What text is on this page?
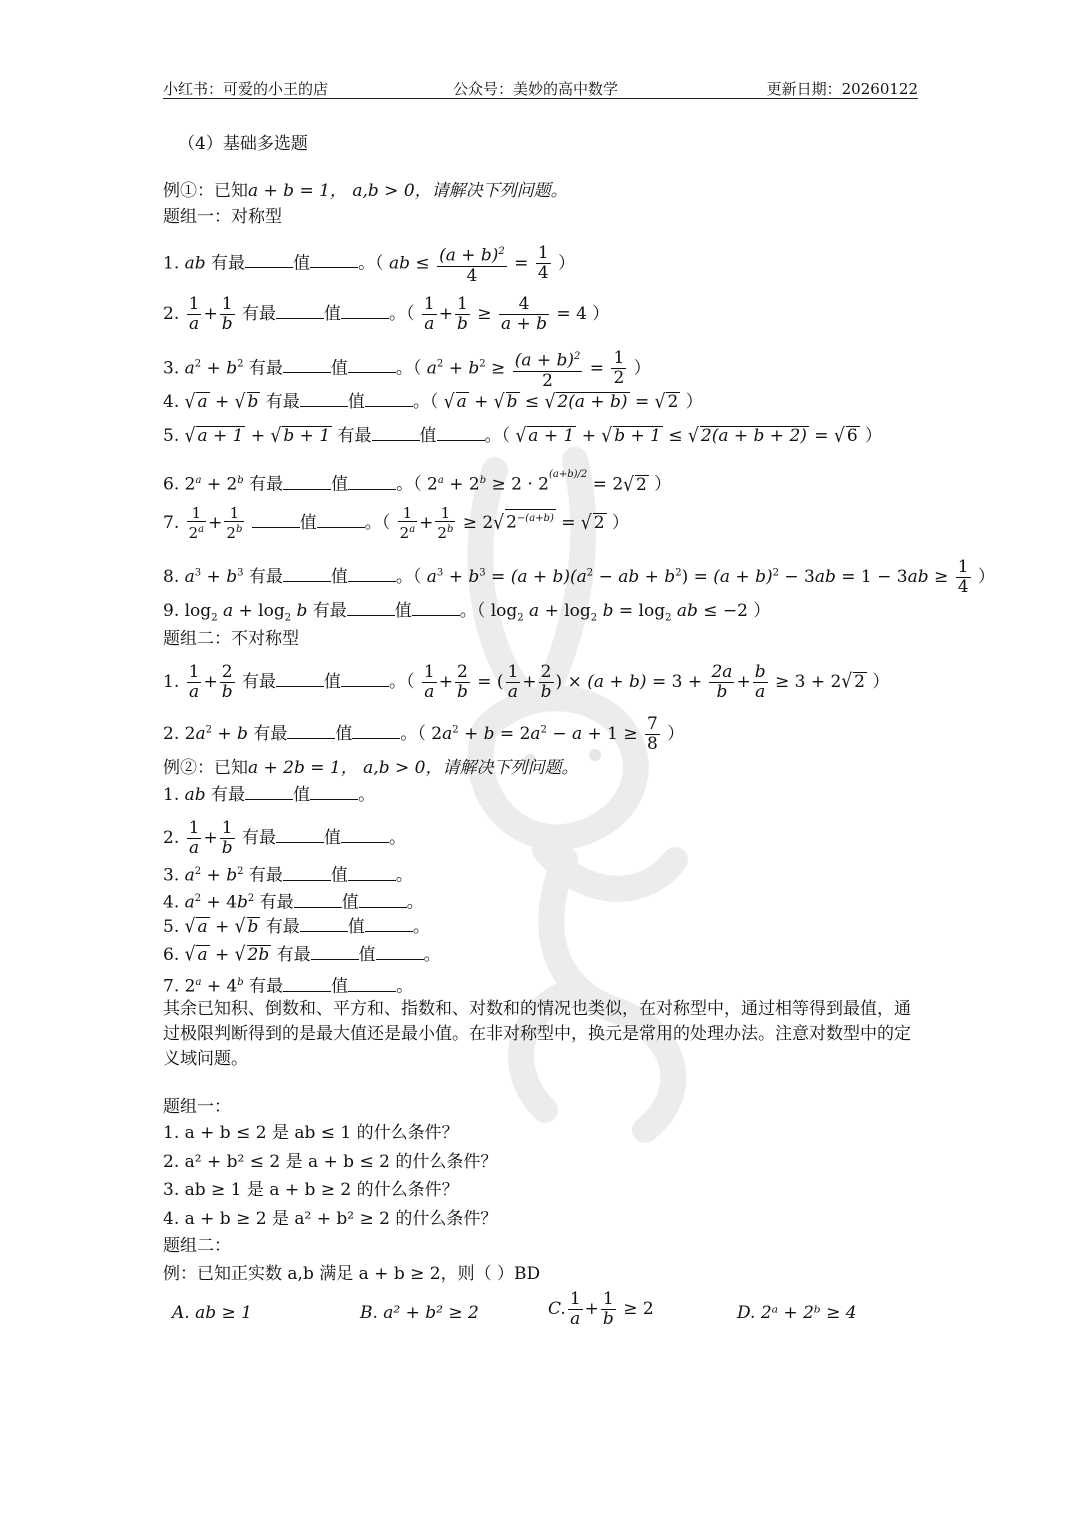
小红书：可爱的小王的店	公众号：美妙的高中数学	更新日期：20260122
（4）基础多选题
例①：已知a + b = 1， a,b > 0，请解决下列问题。
题组一：对称型
1. ab 有最	值	。（ ab ≤ $\frac{(a + b)^2}{4} = \frac{1}{4}$ ）
2. $\frac{1}{a} + \frac{1}{b}$ 有最	值	。（ $\frac{1}{a} + \frac{1}{b} \ge \frac{4}{a + b} = 4$ ）
3. $a^2 + b^2$ 有最	值	。（ $a^2 + b^2 \ge \frac{(a + b)^2}{2} = \frac{1}{2}$ ）
4. √ a + √ b 有最	值	。（ √ a + √ b ≤ √ 2(a + b) = √ 2 ）
5. √ a + 1 + √ b + 1 有最	值	。（ √ a + 1 + √ b + 1 ≤ √ 2(a + b + 2) = √ 6 ）
6. $2^a + 2^b$ 有最	值	。（ $2^a + 2^b \ge 2 \cdot 2^{(a+b)/2} = 2√$ 2 ）
7. $\frac{1}{2^a} + \frac{1}{2^b}$	值	。（ $\frac{1}{2^a} + \frac{1}{2^b} \ge 2√$ $2^{-(a+b)}$ = √ 2 ）
8. $a^3 + b^3$ 有最	值	。（ $a^3 + b^3 = (a + b)(a^2$ − ab + $b^2) = (a + b)^2 - 3ab = 1 - 3ab \ge \frac{1}{4}$ ）
9. $\log_2 a + \log_2 b$ 有最	值	。（ $\log_2 a + \log_2 b = \log_2$ ab ≤ −2 ）
题组二：不对称型
1. $\frac{1}{a} + \frac{2}{b}$ 有最	值	。（ $\frac{1}{a} + \frac{2}{b}$ = ( $\frac{1}{a} + \frac{2}{b}$ ) × $(a + b) = 3 + \frac{2a}{b} + \frac{b}{a} \ge 3 + 2√$ 2 ）
2. $2a^2 + b$ 有最	值	。（ $2a^2 + b = 2a^2 - a + 1 \ge \frac{7}{8}$ ）
例②：已知a + 2b = 1， a,b > 0，请解决下列问题。
1. ab 有最	值	。
2. $\frac{1}{a} + \frac{1}{b}$ 有最	值	。
3. $a^2 + b^2$ 有最	值	。
4. $a^2 + 4b^2$ 有最	值	。
5. √ a + √ b 有最	值	。
6. √ a + √ 2b 有最	值	。
7. $2^a + 4^b$ 有最	值	。
其余已知积、倒数和、平方和、指数和、对数和的情况也类似，在对称型中，通过相等得到最值，通过极限判断得到的是最大值还是最小值。在非对称型中，换元是常用的处理办法。注意对数型中的定义域问题。
题组一：
1. a + b ≤ 2 是 ab ≤ 1 的什么条件？
2. a² + b² ≤ 2 是 a + b ≤ 2 的什么条件？
3. ab ≥ 1 是 a + b ≥ 2 的什么条件？
4. a + b ≥ 2 是 a² + b² ≥ 2 的什么条件？
题组二：
例：已知正实数 a,b 满足 a + b ≥ 2，则（ ）BD
A. ab ≥ 1	B. a² + b² ≥ 2	C. $\frac{1}{a} + \frac{1}{b} \ge 2$	D. 2ᵃ + 2ᵇ ≥ 4
